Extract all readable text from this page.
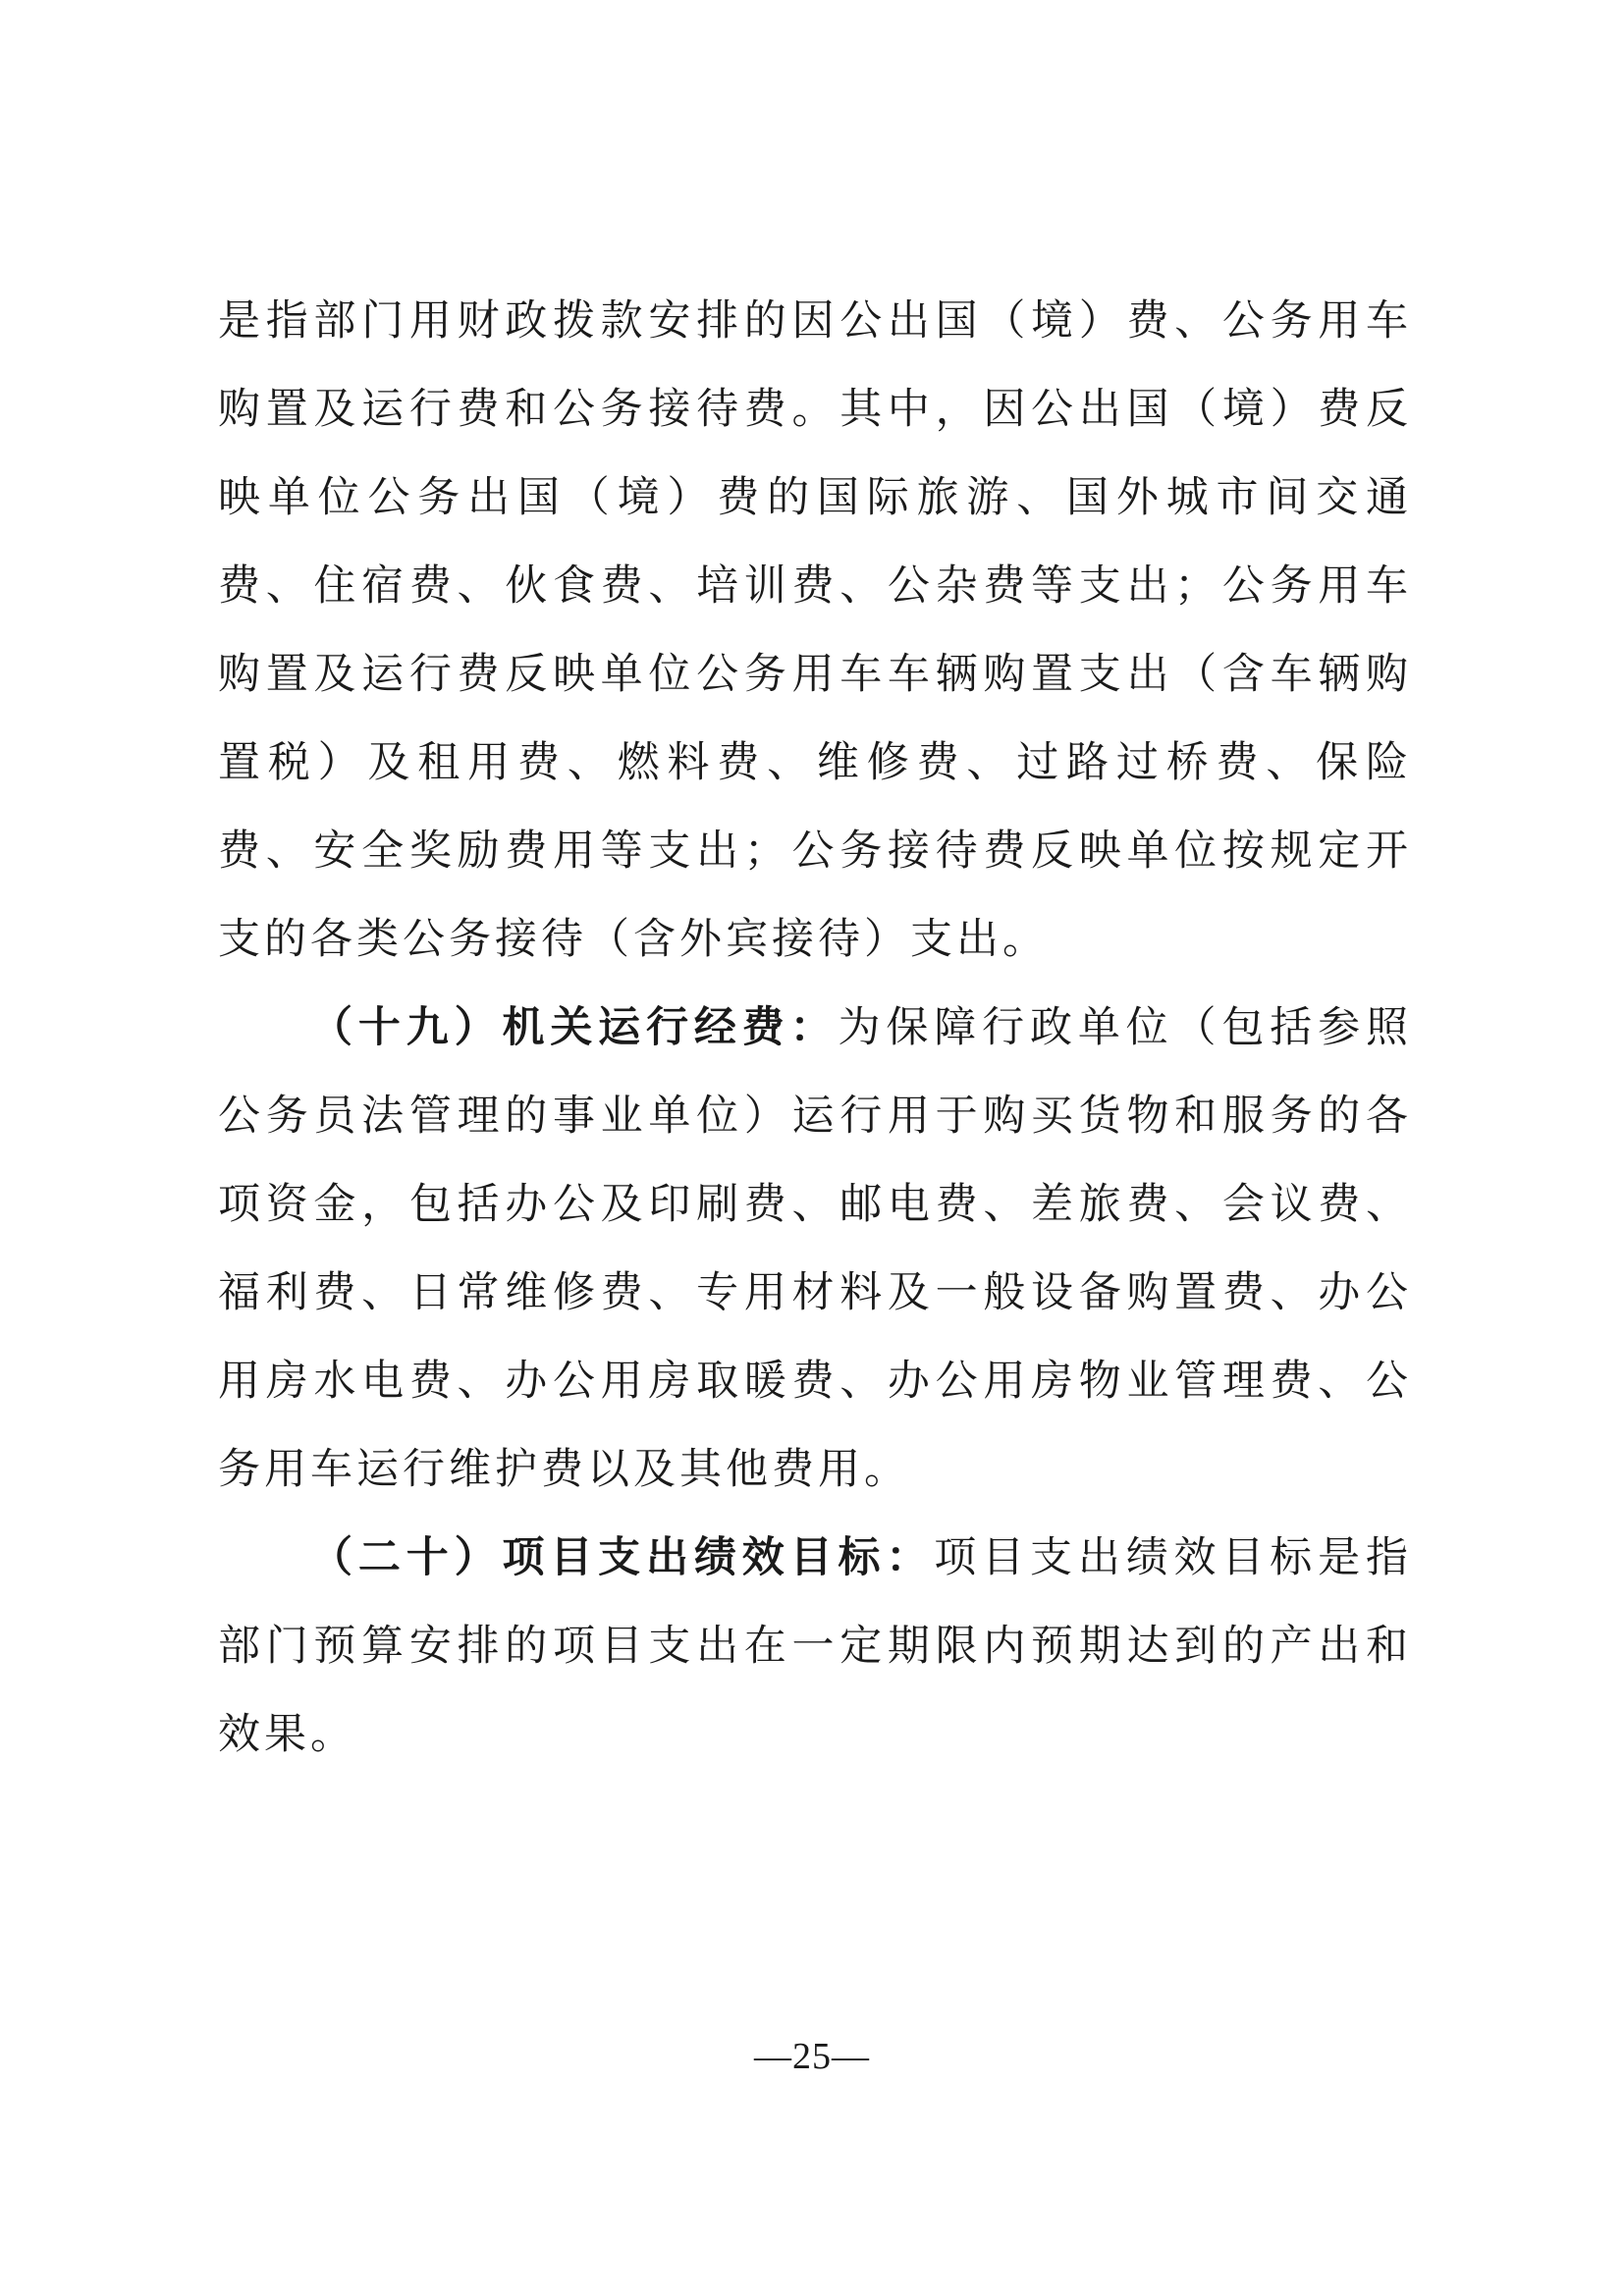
是指部门用财政拨款安排的因公出国（境）费、公务用车购置及运行费和公务接待费。其中，因公出国（境）费反映单位公务出国（境）费的国际旅游、国外城市间交通费、住宿费、伙食费、培训费、公杂费等支出；公务用车购置及运行费反映单位公务用车车辆购置支出（含车辆购置税）及租用费、燃料费、维修费、过路过桥费、保险费、安全奖励费用等支出；公务接待费反映单位按规定开支的各类公务接待（含外宾接待）支出。

（十九）机关运行经费：为保障行政单位（包括参照公务员法管理的事业单位）运行用于购买货物和服务的各项资金，包括办公及印刷费、邮电费、差旅费、会议费、福利费、日常维修费、专用材料及一般设备购置费、办公用房水电费、办公用房取暖费、办公用房物业管理费、公务用车运行维护费以及其他费用。

（二十）项目支出绩效目标：项目支出绩效目标是指部门预算安排的项目支出在一定期限内预期达到的产出和效果。

—25—
